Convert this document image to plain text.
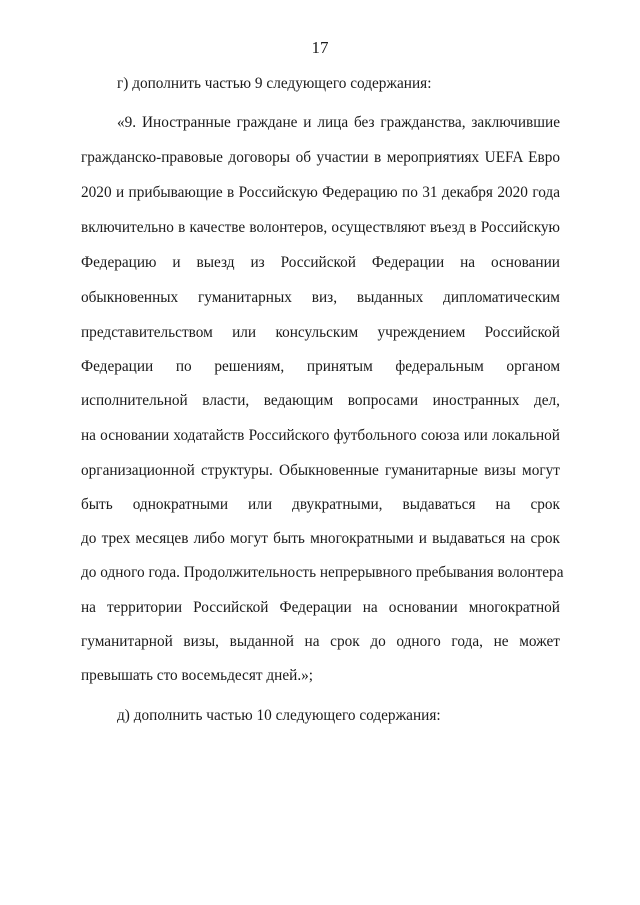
17
г) дополнить частью 9 следующего содержания:
«9. Иностранные граждане и лица без гражданства, заключившие
гражданско-правовые договоры об участии в мероприятиях UEFA Евро
2020 и прибывающие в Российскую Федерацию по 31 декабря 2020 года
включительно в качестве волонтеров, осуществляют въезд в Российскую
Федерацию и выезд из Российской Федерации на основании
обыкновенных гуманитарных виз, выданных дипломатическим
представительством или консульским учреждением Российской
Федерации по решениям, принятым федеральным органом
исполнительной власти, ведающим вопросами иностранных дел,
на основании ходатайств Российского футбольного союза или локальной
организационной структуры. Обыкновенные гуманитарные визы могут
быть однократными или двукратными, выдаваться на срок
до трех месяцев либо могут быть многократными и выдаваться на срок
до одного года. Продолжительность непрерывного пребывания волонтера
на территории Российской Федерации на основании многократной
гуманитарной визы, выданной на срок до одного года, не может
превышать сто восемьдесят дней.»;
д) дополнить частью 10 следующего содержания:
